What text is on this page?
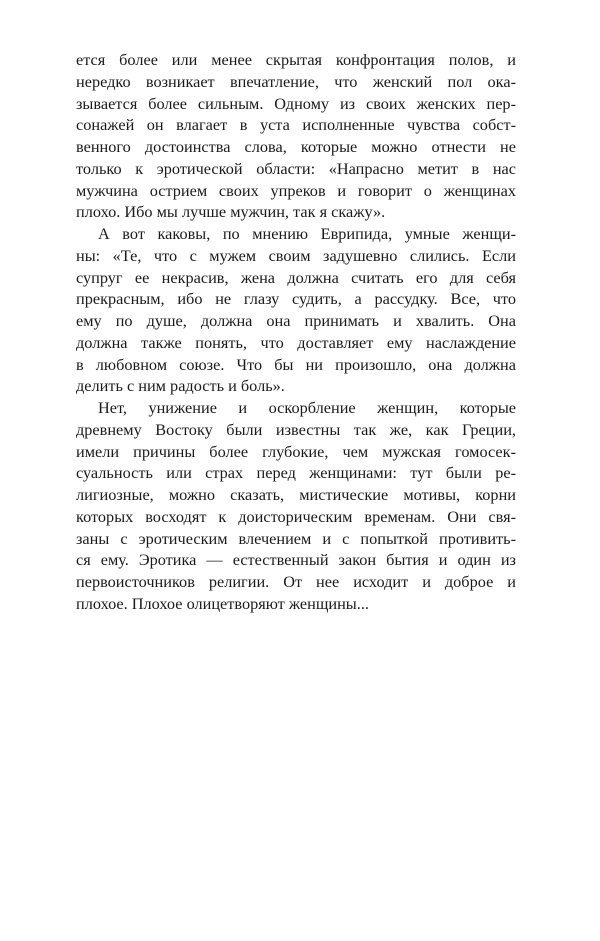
ется более или менее скрытая конфронтация полов, и
нередко возникает впечатление, что женский пол ока-
зывается более сильным. Одному из своих женских пер-
сонажей он влагает в уста исполненные чувства собст-
венного достоинства слова, которые можно отнести не
только к эротической области: «Напрасно метит в нас
мужчина острием своих упреков и говорит о женщинах
плохо. Ибо мы лучше мужчин, так я скажу».
А вот каковы, по мнению Еврипида, умные женщи-
ны: «Те, что с мужем своим задушевно слились. Если
супруг ее некрасив, жена должна считать его для себя
прекрасным, ибо не глазу судить, а рассудку. Все, что
ему по душе, должна она принимать и хвалить. Она
должна также понять, что доставляет ему наслаждение
в любовном союзе. Что бы ни произошло, она должна
делить с ним радость и боль».
Нет, унижение и оскорбление женщин, которые
древнему Востоку были известны так же, как Греции,
имели причины более глубокие, чем мужская гомосек-
суальность или страх перед женщинами: тут были ре-
лигиозные, можно сказать, мистические мотивы, корни
которых восходят к доисторическим временам. Они свя-
заны с эротическим влечением и с попыткой противить-
ся ему. Эротика — естественный закон бытия и один из
первоисточников религии. От нее исходит и доброе и
плохое. Плохое олицетворяют женщины...
